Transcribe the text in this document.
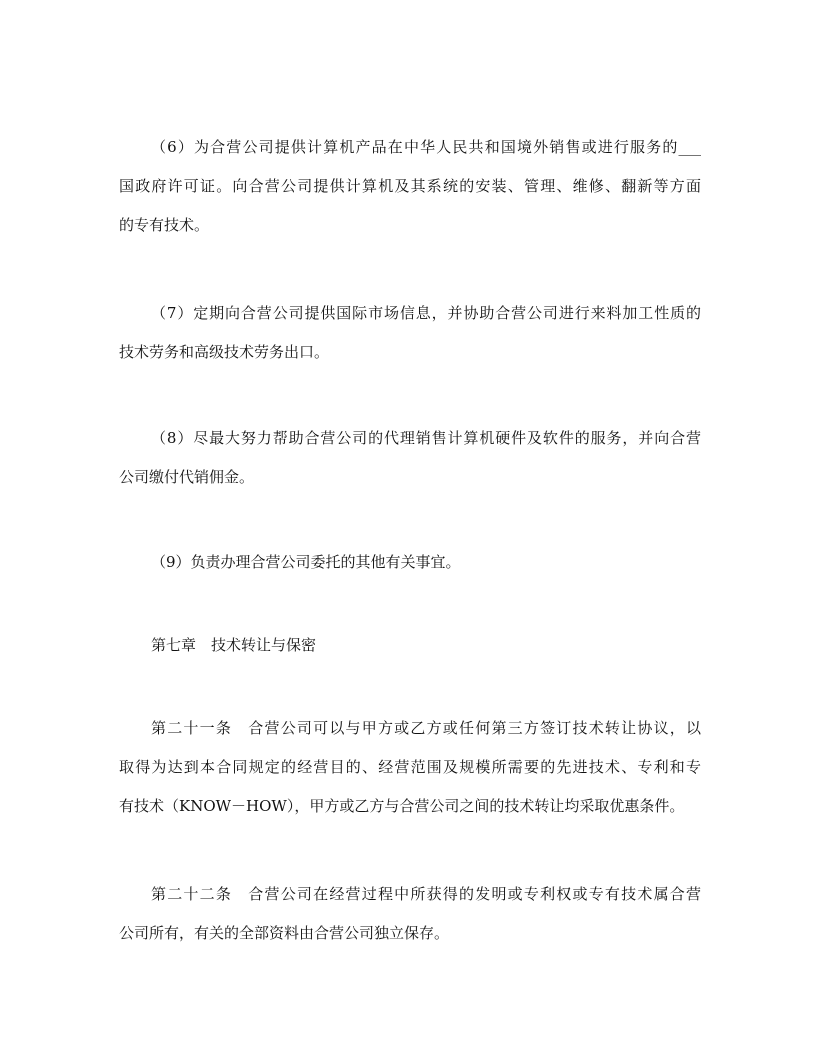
（6）为合营公司提供计算机产品在中华人民共和国境外销售或进行服务的___
国政府许可证。向合营公司提供计算机及其系统的安装、管理、维修、翻新等方面
的专有技术。
（7）定期向合营公司提供国际市场信息，并协助合营公司进行来料加工性质的
技术劳务和高级技术劳务出口。
（8）尽最大努力帮助合营公司的代理销售计算机硬件及软件的服务，并向合营
公司缴付代销佣金。
（9）负责办理合营公司委托的其他有关事宜。
第七章　技术转让与保密
第二十一条　合营公司可以与甲方或乙方或任何第三方签订技术转让协议，以
取得为达到本合同规定的经营目的、经营范围及规模所需要的先进技术、专利和专
有技术（KNOW－HOW），甲方或乙方与合营公司之间的技术转让均采取优惠条件。
第二十二条　合营公司在经营过程中所获得的发明或专利权或专有技术属合营
公司所有，有关的全部资料由合营公司独立保存。
